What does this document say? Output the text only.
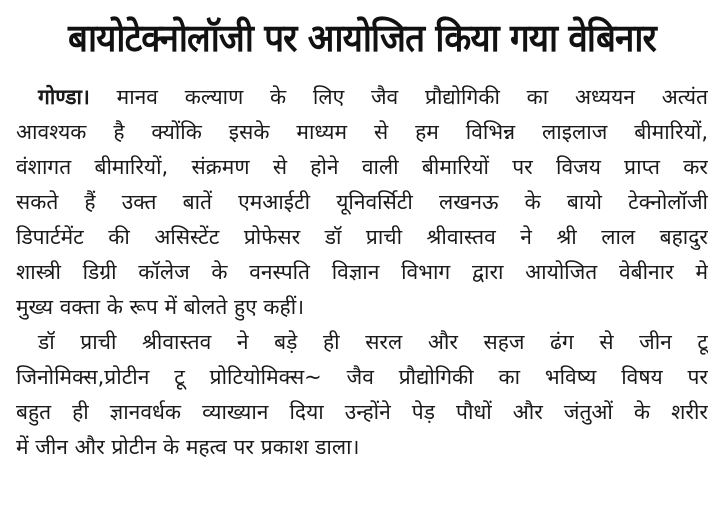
बायोटेक्नोलॉजी पर आयोजित किया गया वेबिनार
गोण्डा। मानव कल्याण के लिए जैव प्रौद्योगिकी का अध्ययन अत्यंत
आवश्यक है क्योंकि इसके माध्यम से हम विभिन्न लाइलाज बीमारियों,
वंशागत बीमारियों, संक्रमण से होने वाली बीमारियों पर विजय प्राप्त कर
सकते हैं उक्त बातें एमआईटी यूनिवर्सिटी लखनऊ के बायो टेक्नोलॉजी
डिपार्टमेंट की असिस्टेंट प्रोफेसर डॉ प्राची श्रीवास्तव ने श्री लाल बहादुर
शास्त्री डिग्री कॉलेज के वनस्पति विज्ञान विभाग द्वारा आयोजित वेबीनार मे
मुख्य वक्ता के रूप में बोलते हुए कहीं।
डॉ प्राची श्रीवास्तव ने बड़े ही सरल और सहज ढंग से जीन टू
जिनोमिक्स,प्रोटीन टू प्रोटियोमिक्स~ जैव प्रौद्योगिकी का भविष्य विषय पर
बहुत ही ज्ञानवर्धक व्याख्यान दिया उन्होंने पेड़ पौधों और जंतुओं के शरीर
में जीन और प्रोटीन के महत्व पर प्रकाश डाला।
